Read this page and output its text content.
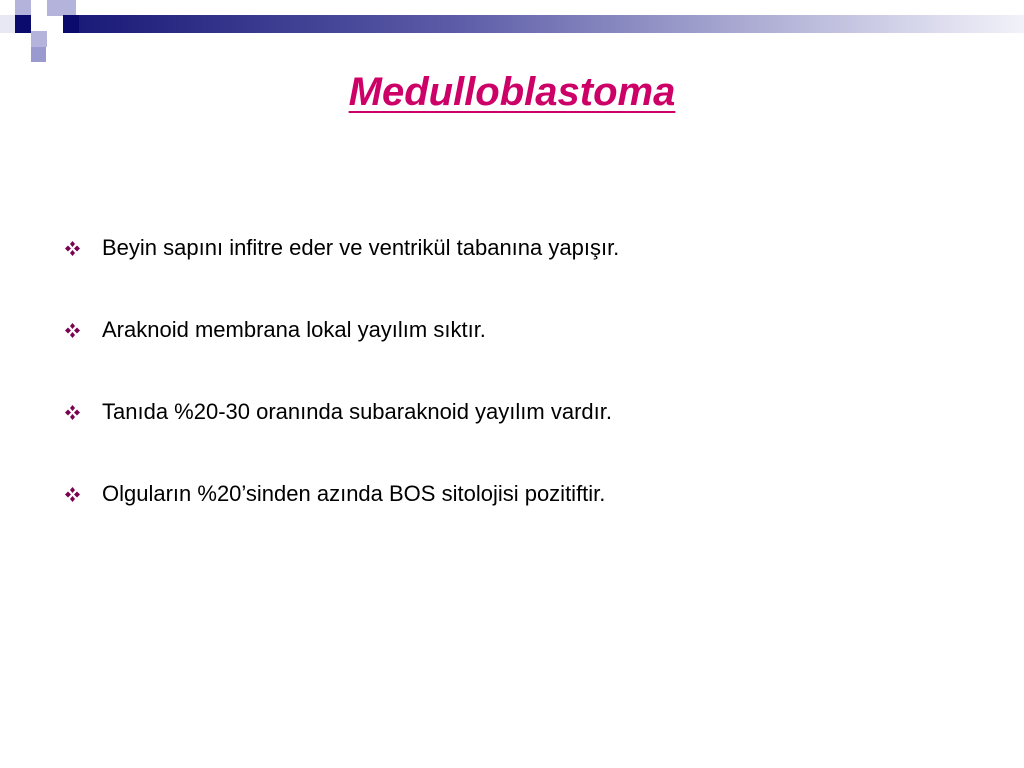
Medulloblastoma
Beyin sapını infitre eder ve ventrikül tabanına yapışır.
Araknoid membrana lokal yayılım sıktır.
Tanıda %20-30 oranında subaraknoid yayılım vardır.
Olguların %20’sinden azında BOS sitolojisi pozitiftir.
